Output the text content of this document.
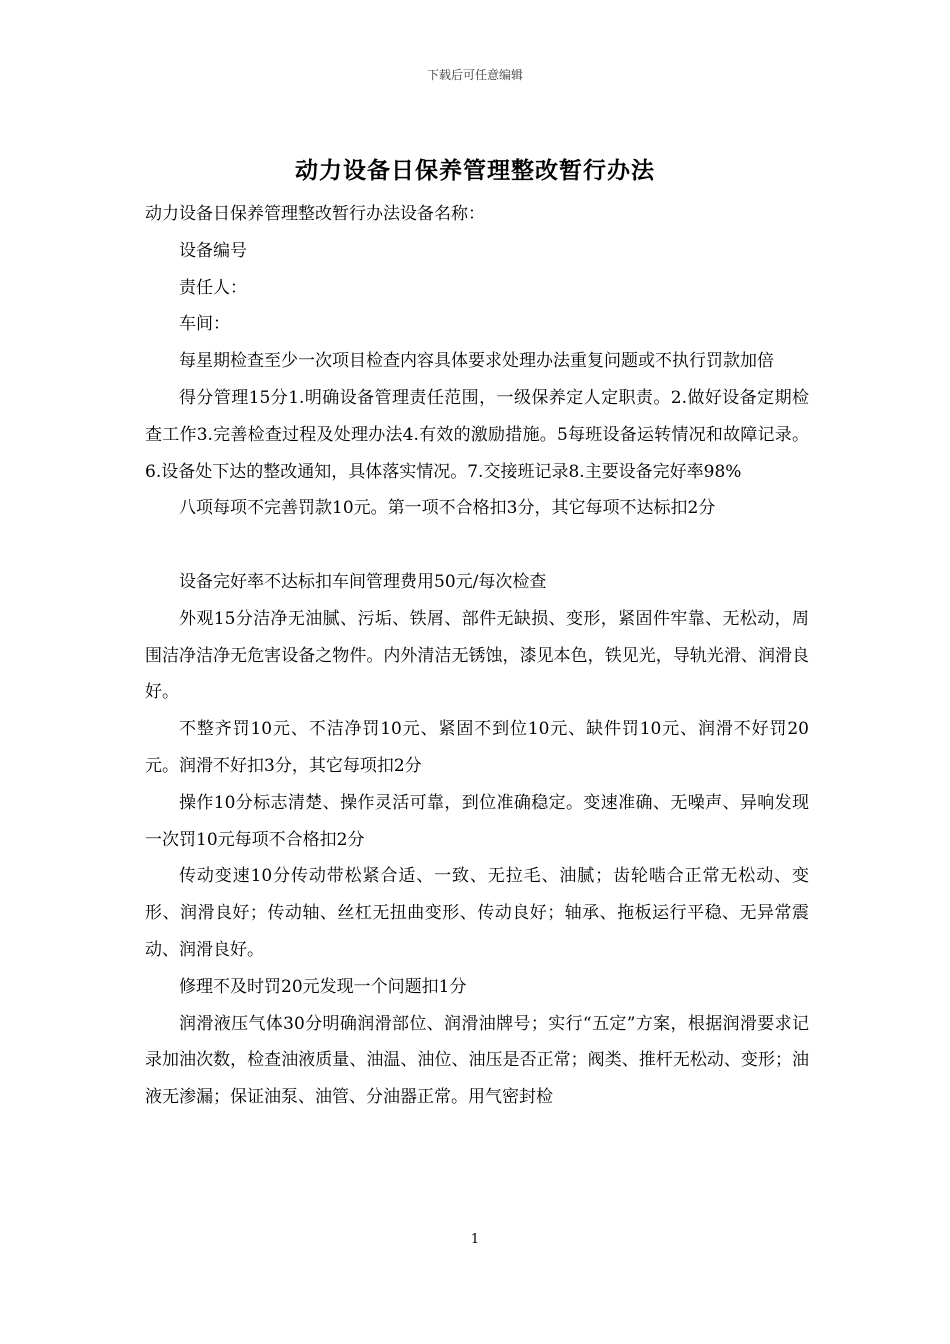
下载后可任意编辑
动力设备日保养管理整改暂行办法

动力设备日保养管理整改暂行办法设备名称：

设备编号

责任人：

车间：

每星期检查至少一次项目检查内容具体要求处理办法重复问题或不执行罚款加倍

得分管理15分1.明确设备管理责任范围，一级保养定人定职责。2.做好设备定期检查工作3.完善检查过程及处理办法4.有效的激励措施。5每班设备运转情况和故障记录。6.设备处下达的整改通知，具体落实情况。7.交接班记录8.主要设备完好率98%

八项每项不完善罚款10元。第一项不合格扣3分，其它每项不达标扣2分

设备完好率不达标扣车间管理费用50元/每次检查

外观15分洁净无油腻、污垢、铁屑、部件无缺损、变形，紧固件牢靠、无松动，周围洁净洁净无危害设备之物件。内外清洁无锈蚀，漆见本色，铁见光，导轨光滑、润滑良好。

不整齐罚10元、不洁净罚10元、紧固不到位10元、缺件罚10元、润滑不好罚20元。润滑不好扣3分，其它每项扣2分

操作10分标志清楚、操作灵活可靠，到位准确稳定。变速准确、无噪声、异响发现一次罚10元每项不合格扣2分

传动变速10分传动带松紧合适、一致、无拉毛、油腻；齿轮啮合正常无松动、变形、润滑良好；传动轴、丝杠无扭曲变形、传动良好；轴承、拖板运行平稳、无异常震动、润滑良好。

修理不及时罚20元发现一个问题扣1分

润滑液压气体30分明确润滑部位、润滑油牌号；实行“五定”方案，根据润滑要求记录加油次数，检查油液质量、油温、油位、油压是否正常；阀类、推杆无松动、变形；油液无渗漏；保证油泵、油管、分油器正常。用气密封检

1
